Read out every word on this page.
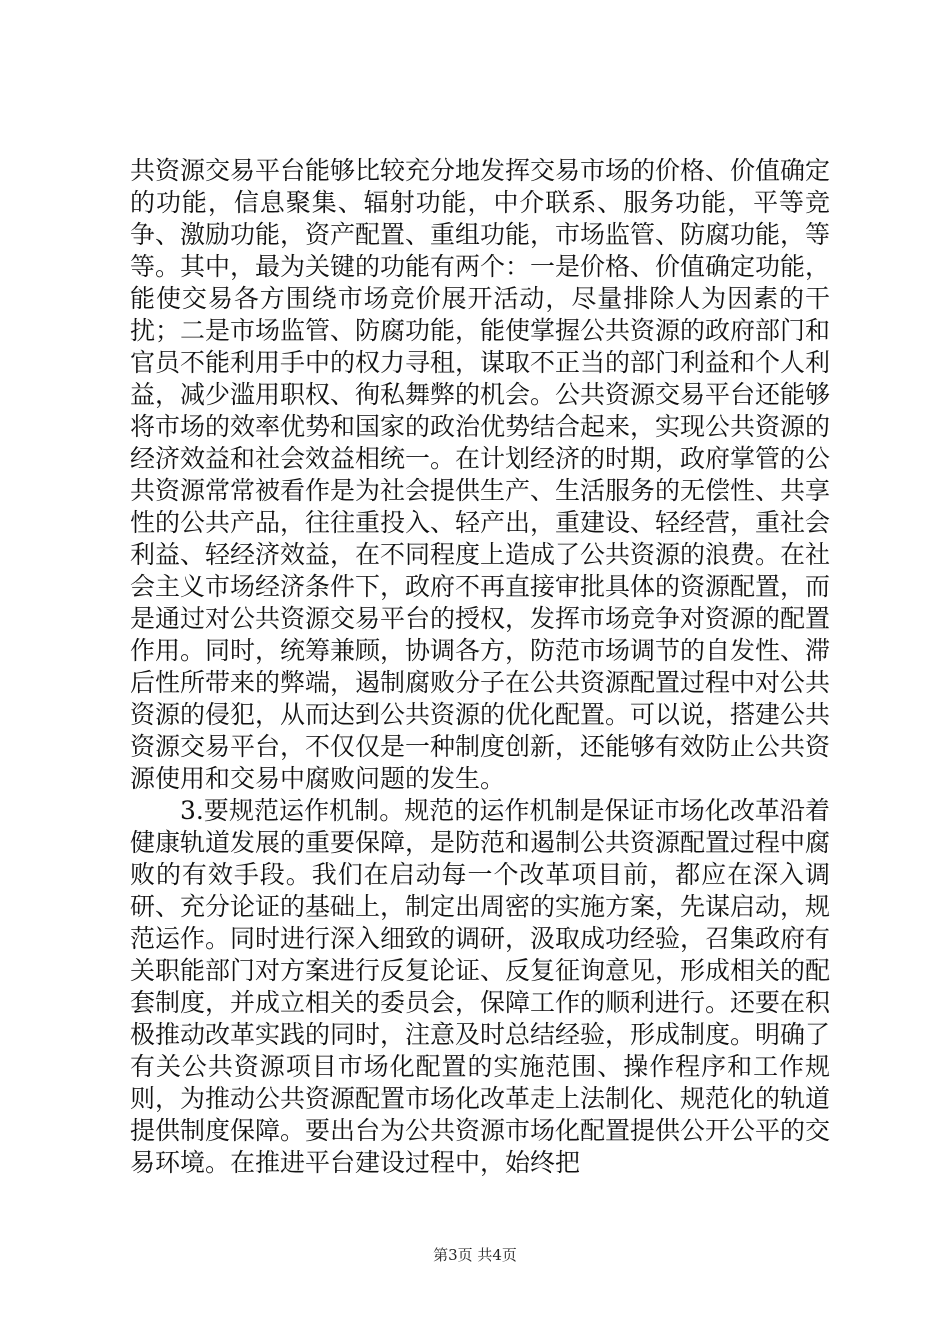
共资源交易平台能够比较充分地发挥交易市场的价格、价值确定的功能，信息聚集、辐射功能，中介联系、服务功能，平等竞争、激励功能，资产配置、重组功能，市场监管、防腐功能，等等。其中，最为关键的功能有两个：一是价格、价值确定功能，能使交易各方围绕市场竞价展开活动，尽量排除人为因素的干扰；二是市场监管、防腐功能，能使掌握公共资源的政府部门和官员不能利用手中的权力寻租，谋取不正当的部门利益和个人利益，减少滥用职权、徇私舞弊的机会。公共资源交易平台还能够将市场的效率优势和国家的政治优势结合起来，实现公共资源的经济效益和社会效益相统一。在计划经济的时期，政府掌管的公共资源常常被看作是为社会提供生产、生活服务的无偿性、共享性的公共产品，往往重投入、轻产出，重建设、轻经营，重社会利益、轻经济效益，在不同程度上造成了公共资源的浪费。在社会主义市场经济条件下，政府不再直接审批具体的资源配置，而是通过对公共资源交易平台的授权，发挥市场竞争对资源的配置作用。同时，统筹兼顾，协调各方，防范市场调节的自发性、滞后性所带来的弊端，遏制腐败分子在公共资源配置过程中对公共资源的侵犯，从而达到公共资源的优化配置。可以说，搭建公共资源交易平台，不仅仅是一种制度创新，还能够有效防止公共资源使用和交易中腐败问题的发生。

3.要规范运作机制。规范的运作机制是保证市场化改革沿着健康轨道发展的重要保障，是防范和遏制公共资源配置过程中腐败的有效手段。我们在启动每一个改革项目前，都应在深入调研、充分论证的基础上，制定出周密的实施方案，先谋启动，规范运作。同时进行深入细致的调研，汲取成功经验，召集政府有关职能部门对方案进行反复论证、反复征询意见，形成相关的配套制度，并成立相关的委员会，保障工作的顺利进行。还要在积极推动改革实践的同时，注意及时总结经验，形成制度。明确了有关公共资源项目市场化配置的实施范围、操作程序和工作规则，为推动公共资源配置市场化改革走上法制化、规范化的轨道提供制度保障。要出台为公共资源市场化配置提供公开公平的交易环境。在推进平台建设过程中，始终把

第3页 共4页
